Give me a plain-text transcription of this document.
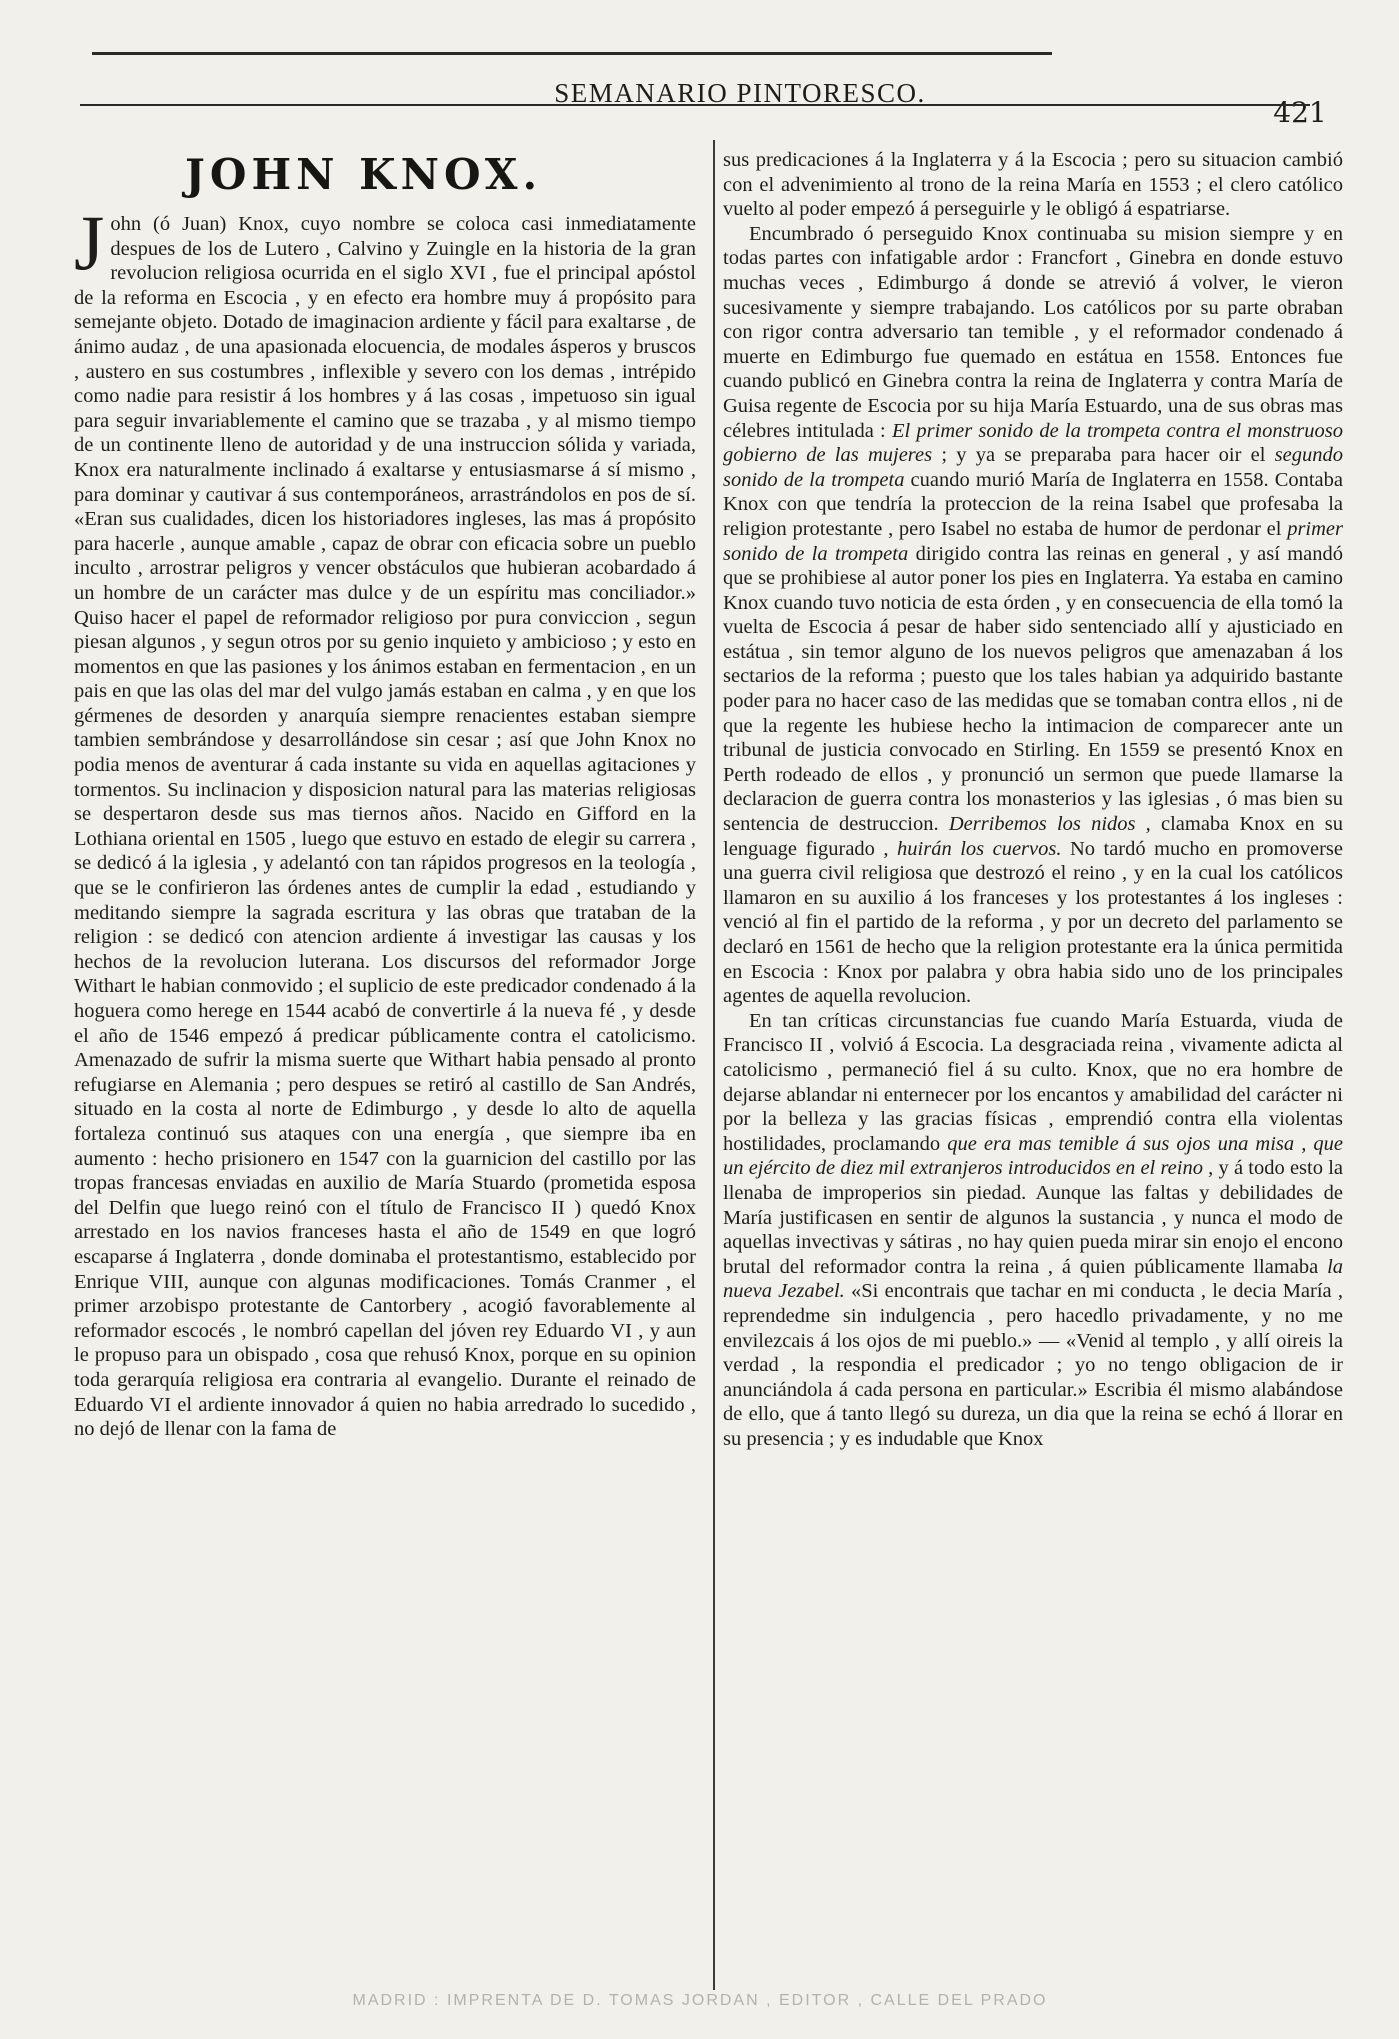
SEMANARIO PINTORESCO.
421
JOHN KNOX.

John (ó Juan) Knox, cuyo nombre se coloca casi inmediatamente despues de los de Lutero , Calvino y Zuingle en la historia de la gran revolucion religiosa ocurrida en el siglo XVI , fue el principal apóstol de la reforma en Escocia , y en efecto era hombre muy á propósito para semejante objeto. Dotado de imaginacion ardiente y fácil para exaltarse , de ánimo audaz , de una apasionada elocuencia, de modales ásperos y bruscos , austero en sus costumbres , inflexible y severo con los demas , intrépido como nadie para resistir á los hombres y á las cosas , impetuoso sin igual para seguir invariablemente el camino que se trazaba , y al mismo tiempo de un continente lleno de autoridad y de una instruccion sólida y variada, Knox era naturalmente inclinado á exaltarse y entusiasmarse á sí mismo , para dominar y cautivar á sus contemporáneos, arrastrándolos en pos de sí. «Eran sus cualidades, dicen los historiadores ingleses, las mas á propósito para hacerle , aunque amable , capaz de obrar con eficacia sobre un pueblo inculto , arrostrar peligros y vencer obstáculos que hubieran acobardado á un hombre de un carácter mas dulce y de un espíritu mas conciliador.» Quiso hacer el papel de reformador religioso por pura conviccion , segun piesan algunos , y segun otros por su genio inquieto y ambicioso ; y esto en momentos en que las pasiones y los ánimos estaban en fermentacion , en un pais en que las olas del mar del vulgo jamás estaban en calma , y en que los gérmenes de desorden y anarquía siempre renacientes estaban siempre tambien sembrándose y desarrollándose sin cesar ; así que John Knox no podia menos de aventurar á cada instante su vida en aquellas agitaciones y tormentos. Su inclinacion y disposicion natural para las materias religiosas se despertaron desde sus mas tiernos años. Nacido en Gifford en la Lothiana oriental en 1505 , luego que estuvo en estado de elegir su carrera , se dedicó á la iglesia , y adelantó con tan rápidos progresos en la teología , que se le confirieron las órdenes antes de cumplir la edad , estudiando y meditando siempre la sagrada escritura y las obras que trataban de la religion : se dedicó con atencion ardiente á investigar las causas y los hechos de la revolucion luterana. Los discursos del reformador Jorge Withart le habian conmovido ; el suplicio de este predicador condenado á la hoguera como herege en 1544 acabó de convertirle á la nueva fé , y desde el año de 1546 empezó á predicar públicamente contra el catolicismo. Amenazado de sufrir la misma suerte que Withart habia pensado al pronto refugiarse en Alemania ; pero despues se retiró al castillo de San Andrés, situado en la costa al norte de Edimburgo , y desde lo alto de aquella fortaleza continuó sus ataques con una energía , que siempre iba en aumento : hecho prisionero en 1547 con la guarnicion del castillo por las tropas francesas enviadas en auxilio de María Stuardo (prometida esposa del Delfin que luego reinó con el título de Francisco II ) quedó Knox arrestado en los navios franceses hasta el año de 1549 en que logró escaparse á Inglaterra , donde dominaba el protestantismo, establecido por Enrique VIII, aunque con algunas modificaciones. Tomás Cranmer , el primer arzobispo protestante de Cantorbery , acogió favorablemente al reformador escocés , le nombró capellan del jóven rey Eduardo VI , y aun le propuso para un obispado , cosa que rehusó Knox, porque en su opinion toda gerarquía religiosa era contraria al evangelio. Durante el reinado de Eduardo VI el ardiente innovador á quien no habia arredrado lo sucedido , no dejó de llenar con la fama de

sus predicaciones á la Inglaterra y á la Escocia ; pero su situacion cambió con el advenimiento al trono de la reina María en 1553 ; el clero católico vuelto al poder empezó á perseguirle y le obligó á espatriarse.

Encumbrado ó perseguido Knox continuaba su mision siempre y en todas partes con infatigable ardor : Francfort , Ginebra en donde estuvo muchas veces , Edimburgo á donde se atrevió á volver, le vieron sucesivamente y siempre trabajando. Los católicos por su parte obraban con rigor contra adversario tan temible , y el reformador condenado á muerte en Edimburgo fue quemado en estátua en 1558. Entonces fue cuando publicó en Ginebra contra la reina de Inglaterra y contra María de Guisa regente de Escocia por su hija María Estuardo, una de sus obras mas célebres intitulada : El primer sonido de la trompeta contra el monstruoso gobierno de las mujeres ; y ya se preparaba para hacer oir el segundo sonido de la trompeta cuando murió María de Inglaterra en 1558. Contaba Knox con que tendría la proteccion de la reina Isabel que profesaba la religion protestante , pero Isabel no estaba de humor de perdonar el primer sonido de la trompeta dirigido contra las reinas en general , y así mandó que se prohibiese al autor poner los pies en Inglaterra. Ya estaba en camino Knox cuando tuvo noticia de esta órden , y en consecuencia de ella tomó la vuelta de Escocia á pesar de haber sido sentenciado allí y ajusticiado en estátua , sin temor alguno de los nuevos peligros que amenazaban á los sectarios de la reforma ; puesto que los tales habian ya adquirido bastante poder para no hacer caso de las medidas que se tomaban contra ellos , ni de que la regente les hubiese hecho la intimacion de comparecer ante un tribunal de justicia convocado en Stirling. En 1559 se presentó Knox en Perth rodeado de ellos , y pronunció un sermon que puede llamarse la declaracion de guerra contra los monasterios y las iglesias , ó mas bien su sentencia de destruccion. Derribemos los nidos , clamaba Knox en su lenguage figurado , huirán los cuervos. No tardó mucho en promoverse una guerra civil religiosa que destrozó el reino , y en la cual los católicos llamaron en su auxilio á los franceses y los protestantes á los ingleses : venció al fin el partido de la reforma , y por un decreto del parlamento se declaró en 1561 de hecho que la religion protestante era la única permitida en Escocia : Knox por palabra y obra habia sido uno de los principales agentes de aquella revolucion.

En tan críticas circunstancias fue cuando María Estuarda, viuda de Francisco II , volvió á Escocia. La desgraciada reina , vivamente adicta al catolicismo , permaneció fiel á su culto. Knox, que no era hombre de dejarse ablandar ni enternecer por los encantos y amabilidad del carácter ni por la belleza y las gracias físicas , emprendió contra ella violentas hostilidades, proclamando que era mas temible á sus ojos una misa , que un ejército de diez mil extranjeros introducidos en el reino , y á todo esto la llenaba de improperios sin piedad. Aunque las faltas y debilidades de María justificasen en sentir de algunos la sustancia , y nunca el modo de aquellas invectivas y sátiras , no hay quien pueda mirar sin enojo el encono brutal del reformador contra la reina , á quien públicamente llamaba la nueva Jezabel. «Si encontrais que tachar en mi conducta , le decia María , reprendedme sin indulgencia , pero hacedlo privadamente, y no me envilezcais á los ojos de mi pueblo.» — «Venid al templo , y allí oireis la verdad , la respondia el predicador ; yo no tengo obligacion de ir anunciándola á cada persona en particular.» Escribia él mismo alabándose de ello, que á tanto llegó su dureza, un dia que la reina se echó á llorar en su presencia ; y es indudable que Knox

MADRID : IMPRENTA DE D. TOMAS JORDAN , EDITOR , CALLE DEL PRADO
